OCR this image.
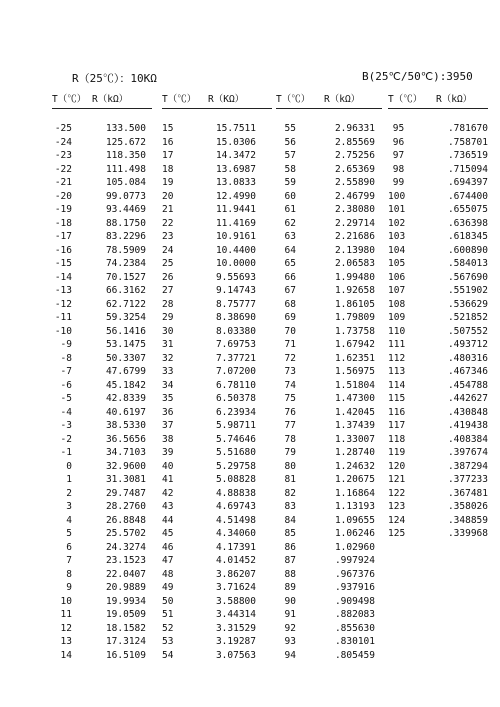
R（25℃）：10KΩ	B(25℃/50℃):3950
T（℃） R（kΩ）
-25	133.500
-24	125.672
-23	118.350
-22	111.498
-21	105.084
-20	99.0773
-19	93.4469
-18	88.1750
-17	83.2296
-16	78.5909
-15	74.2384
-14	70.1527
-13	66.3162
-12	62.7122
-11	59.3254
-10	56.1416
-9	53.1475
-8	50.3307
-7	47.6799
-6	45.1842
-5	42.8339
-4	40.6197
-3	38.5330
-2	36.5656
-1	34.7103
0	32.9600
1	31.3081
2	29.7487
3	28.2760
4	26.8848
5	25.5702
6	24.3274
7	23.1523
8	22.0407
9	20.9889
10	19.9934
11	19.0509
12	18.1582
13	17.3124
14	16.5109
T（℃）	R（KΩ）
15	15.7511
16	15.0306
17	14.3472
18	13.6987
19	13.0833
20	12.4990
21	11.9441
22	11.4169
23	10.9161
24	10.4400
25	10.0000
26	9.55693
27	9.14743
28	8.75777
29	8.38690
30	8.03380
31	7.69753
32	7.37721
33	7.07200
34	6.78110
35	6.50378
36	6.23934
37	5.98711
38	5.74646
39	5.51680
40	5.29758
41	5.08828
42	4.88838
43	4.69743
44	4.51498
45	4.34060
46	4.17391
47	4.01452
48	3.86207
49	3.71624
50	3.58800
51	3.44314
52	3.31529
53	3.19287
54	3.07563
T（℃）	R（kΩ）
55	2.96331
56	2.85569
57	2.75256
58	2.65369
59	2.55890
60	2.46799
61	2.38080
62	2.29714
63	2.21686
64	2.13980
65	2.06583
66	1.99480
67	1.92658
68	1.86105
69	1.79809
70	1.73758
71	1.67942
72	1.62351
73	1.56975
74	1.51804
75	1.47300
76	1.42045
77	1.37439
78	1.33007
79	1.28740
80	1.24632
81	1.20675
82	1.16864
83	1.13193
84	1.09655
85	1.06246
86	1.02960
87	.997924
88	.967376
89	.937916
90	.909498
91	.882083
92	.855630
93	.830101
94	.805459
T（℃）	R（kΩ）
95	.781670
96	.758701
97	.736519
98	.715094
99	.694397
100	.674400
101	.655075
102	.636398
103	.618345
104	.600890
105	.584013
106	.567690
107	.551902
108	.536629
109	.521852
110	.507552
111	.493712
112	.480316
113	.467346
114	.454788
115	.442627
116	.430848
117	.419438
118	.408384
119	.397674
120	.387294
121	.377233
122	.367481
123	.358026
124	.348859
125	.339968
